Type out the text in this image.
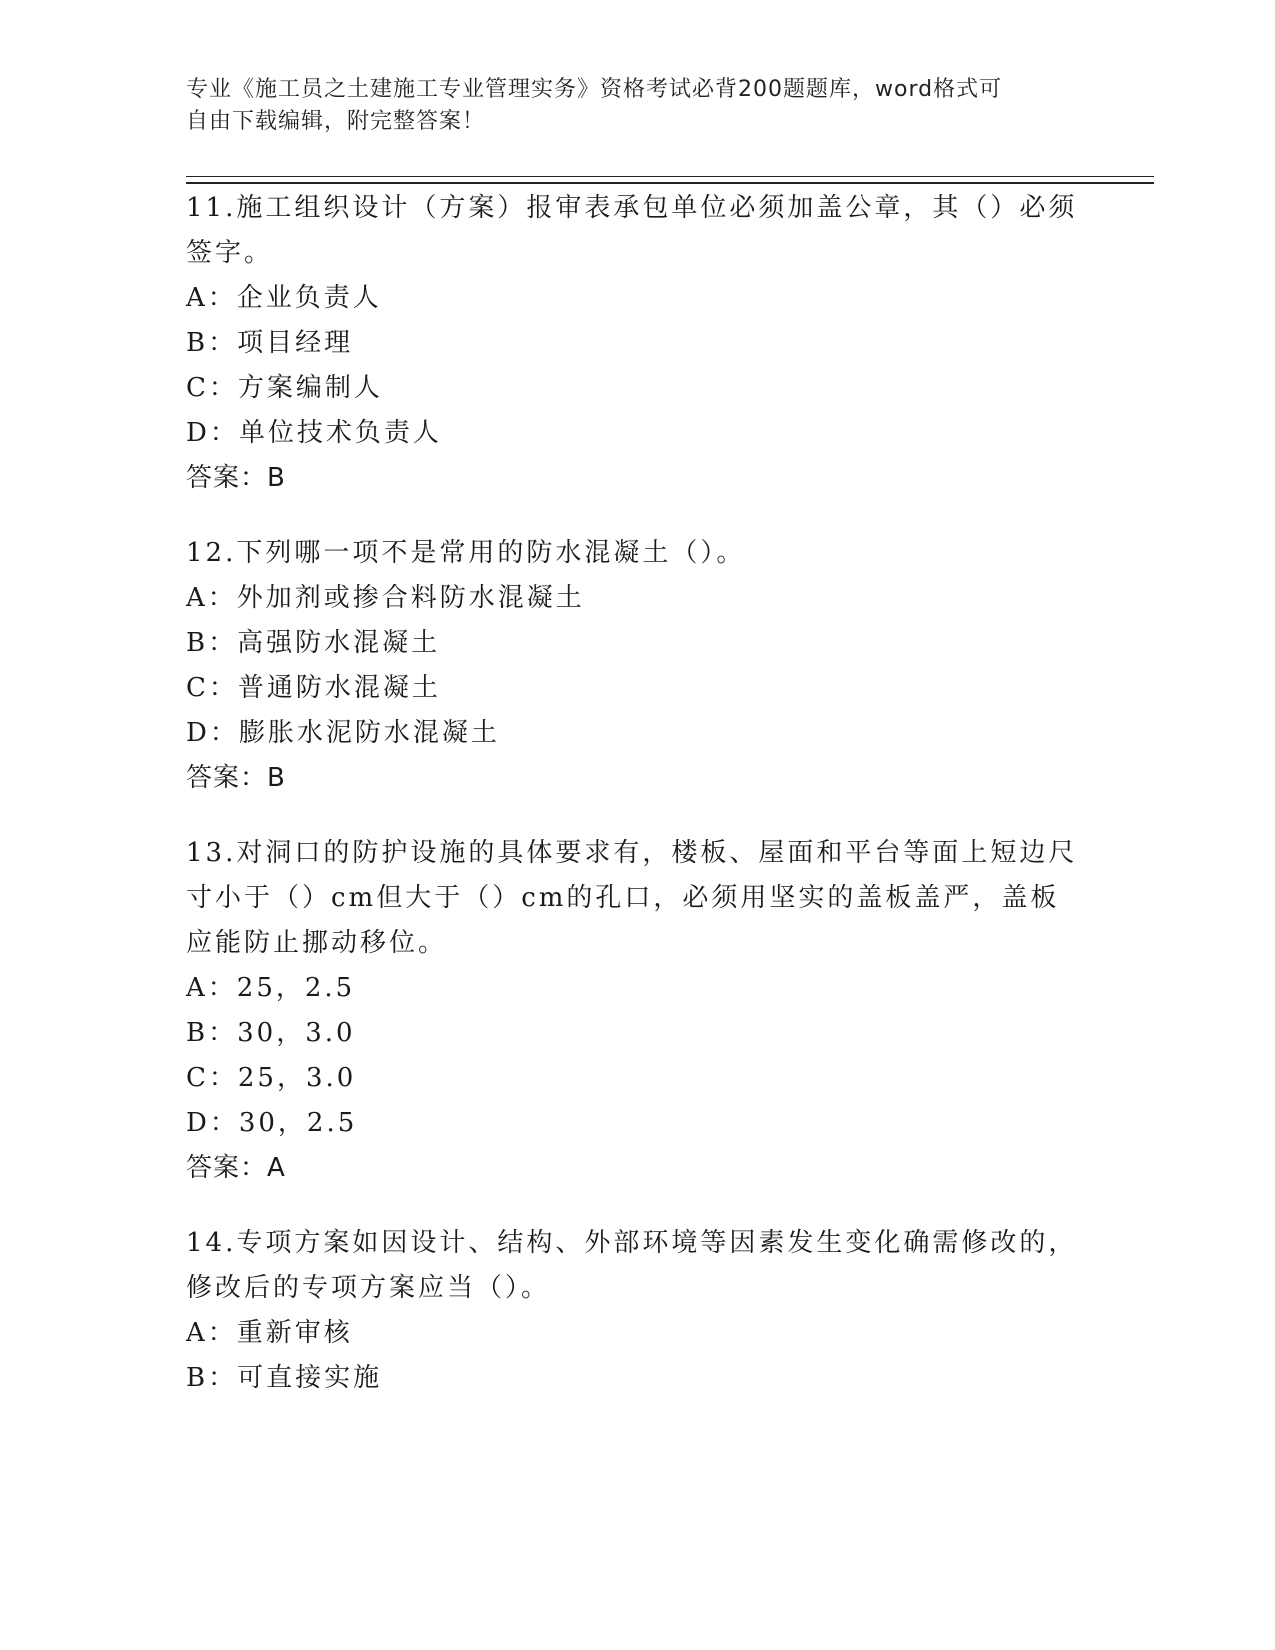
专业《施工员之土建施工专业管理实务》资格考试必背200题题库，word格式可
自由下载编辑，附完整答案！

11.施工组织设计（方案）报审表承包单位必须加盖公章，其（）必须签字。

A：企业负责人

B：项目经理

C：方案编制人

D：单位技术负责人

答案：B

12.下列哪一项不是常用的防水混凝土（）。

A：外加剂或掺合料防水混凝土

B：高强防水混凝土

C：普通防水混凝土

D：膨胀水泥防水混凝土

答案：B

13.对洞口的防护设施的具体要求有，楼板、屋面和平台等面上短边尺寸小于（）cm但大于（）cm的孔口，必须用坚实的盖板盖严，盖板应能防止挪动移位。

A：25，2.5

B：30，3.0

C：25，3.0

D：30，2.5

答案：A

14.专项方案如因设计、结构、外部环境等因素发生变化确需修改的，修改后的专项方案应当（）。

A：重新审核

B：可直接实施
